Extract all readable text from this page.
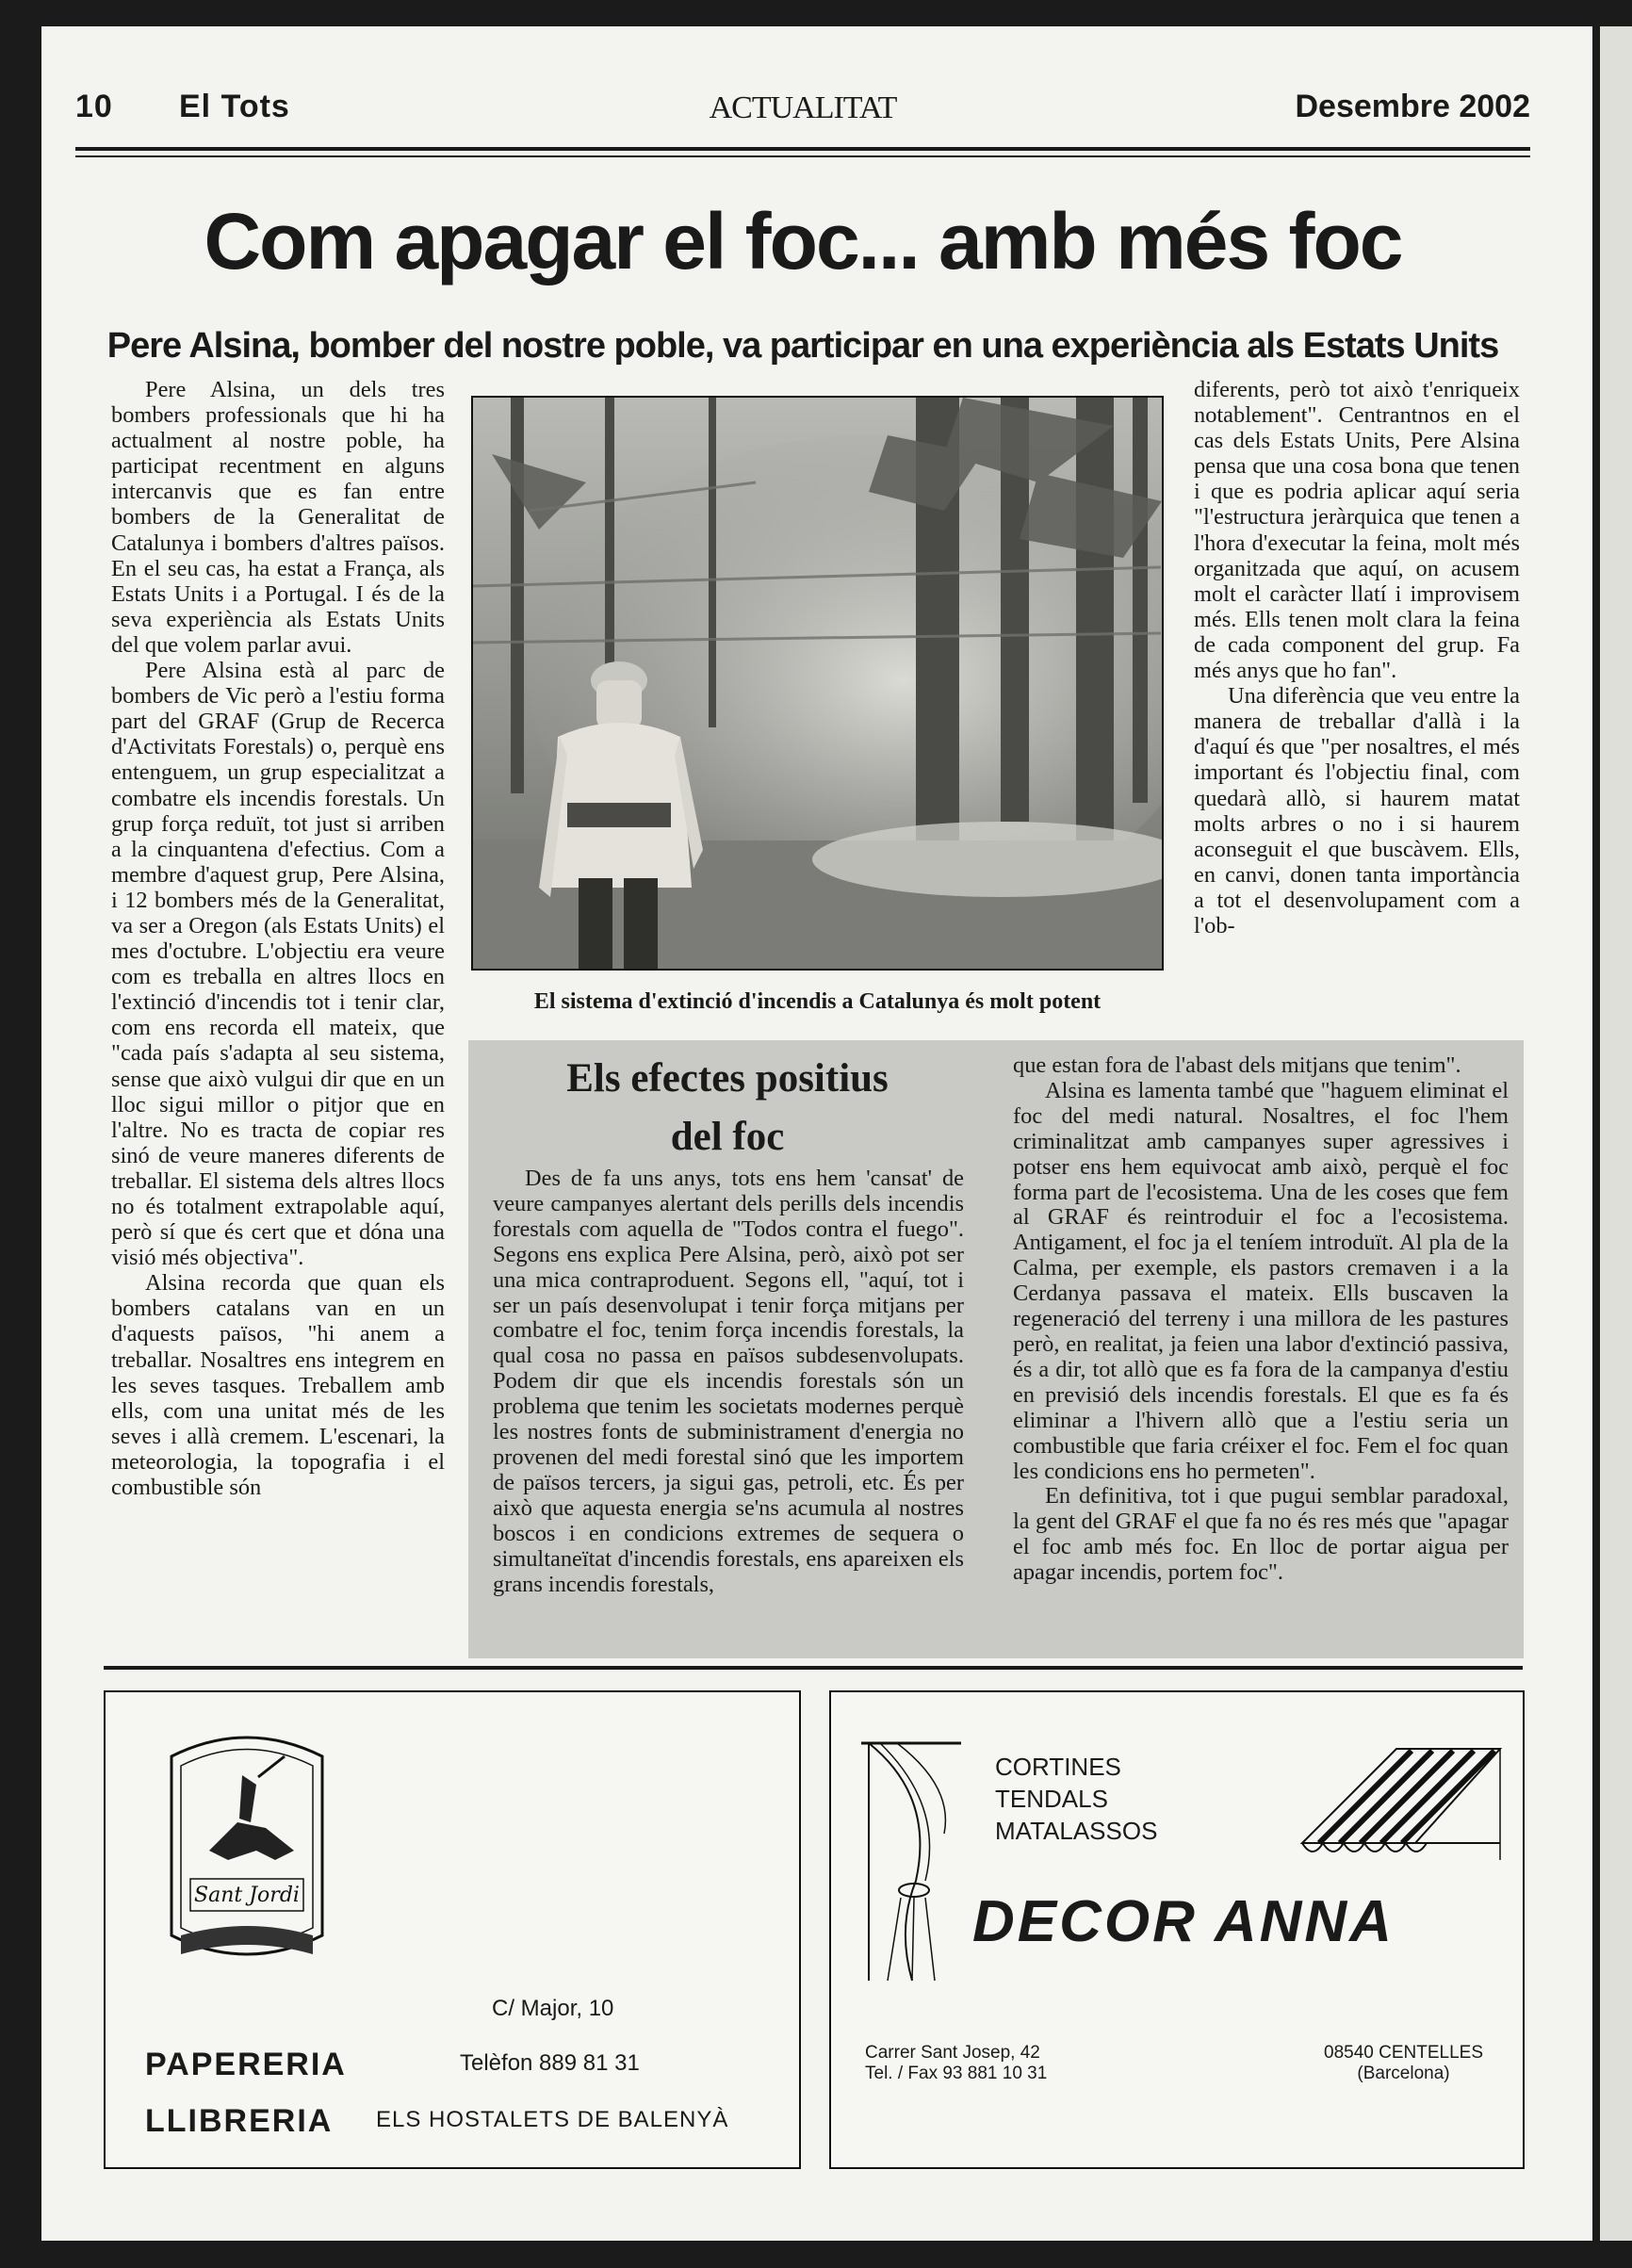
10 El Tots	ACTUALITAT	Desembre 2002
Com apagar el foc... amb més foc
Pere Alsina, bomber del nostre poble, va participar en una experiència als Estats Units

Pere Alsina, un dels tres bombers professionals que hi ha actualment al nostre poble, ha participat recentment en alguns intercanvis que es fan entre bombers de la Generalitat de Catalunya i bombers d'altres països. En el seu cas, ha estat a França, als Estats Units i a Portugal. I és de la seva experiència als Estats Units del que volem parlar avui.

Pere Alsina està al parc de bombers de Vic però a l'estiu forma part del GRAF (Grup de Recerca d'Activitats Forestals) o, perquè ens entenguem, un grup especialitzat a combatre els incendis forestals. Un grup força reduït, tot just si arriben a la cinquantena d'efectius. Com a membre d'aquest grup, Pere Alsina, i 12 bombers més de la Generalitat, va ser a Oregon (als Estats Units) el mes d'octubre. L'objectiu era veure com es treballa en altres llocs en l'extinció d'incendis tot i tenir clar, com ens recorda ell mateix, que "cada país s'adapta al seu sistema, sense que això vulgui dir que en un lloc sigui millor o pitjor que en l'altre. No es tracta de copiar res sinó de veure maneres diferents de treballar. El sistema dels altres llocs no és totalment extrapolable aquí, però sí que és cert que et dóna una visió més objectiva".

Alsina recorda que quan els bombers catalans van en un d'aquests països, "hi anem a treballar. Nosaltres ens integrem en les seves tasques. Treballem amb ells, com una unitat més de les seves i allà cremem. L'escenari, la meteorologia, la topografia i el combustible són

El sistema d'extinció d'incendis a Catalunya és molt potent

diferents, però tot això t'enriqueix notablement". Centrantnos en el cas dels Estats Units, Pere Alsina pensa que una cosa bona que tenen i que es podria aplicar aquí seria "l'estructura jeràrquica que tenen a l'hora d'executar la feina, molt més organitzada que aquí, on acusem molt el caràcter llatí i improvisem més. Ells tenen molt clara la feina de cada component del grup. Fa més anys que ho fan".

Una diferència que veu entre la manera de treballar d'allà i la d'aquí és que "per nosaltres, el més important és l'objectiu final, com quedarà allò, si haurem matat molts arbres o no i si haurem aconseguit el que buscàvem. Ells, en canvi, donen tanta importància a tot el desenvolupament com a l'ob-

Els efectes positius
del foc

Des de fa uns anys, tots ens hem 'cansat' de veure campanyes alertant dels perills dels incendis forestals com aquella de "Todos contra el fuego". Segons ens explica Pere Alsina, però, això pot ser una mica contraproduent. Segons ell, "aquí, tot i ser un país desenvolupat i tenir força mitjans per combatre el foc, tenim força incendis forestals, la qual cosa no passa en països subdesenvolupats. Podem dir que els incendis forestals són un problema que tenim les societats modernes perquè les nostres fonts de subministrament d'energia no provenen del medi forestal sinó que les importem de països tercers, ja sigui gas, petroli, etc. És per això que aquesta energia se'ns acumula al nostres boscos i en condicions extremes de sequera o simultaneïtat d'incendis forestals, ens apareixen els grans incendis forestals,

que estan fora de l'abast dels mitjans que tenim".

Alsina es lamenta també que "haguem eliminat el foc del medi natural. Nosaltres, el foc l'hem criminalitzat amb campanyes super agressives i potser ens hem equivocat amb això, perquè el foc forma part de l'ecosistema. Una de les coses que fem al GRAF és reintroduir el foc a l'ecosistema. Antigament, el foc ja el teníem introduït. Al pla de la Calma, per exemple, els pastors cremaven i a la Cerdanya passava el mateix. Ells buscaven la regeneració del terreny i una millora de les pastures però, en realitat, ja feien una labor d'extinció passiva, és a dir, tot allò que es fa fora de la campanya d'estiu en previsió dels incendis forestals. El que es fa és eliminar a l'hivern allò que a l'estiu seria un combustible que faria créixer el foc. Fem el foc quan les condicions ens ho permeten".

En definitiva, tot i que pugui semblar paradoxal, la gent del GRAF el que fa no és res més que "apagar el foc amb més foc. En lloc de portar aigua per apagar incendis, portem foc".

Sant Jordi
C/ Major, 10
Telèfon 889 81 31
PAPERERIA
LLIBRERIA ELS HOSTALETS DE BALENYÀ
CORTINES
TENDALS
MATALASSOS
DECOR ANNA
Carrer Sant Josep, 42
Tel. / Fax 93 881 10 31
08540 CENTELLES
(Barcelona)
